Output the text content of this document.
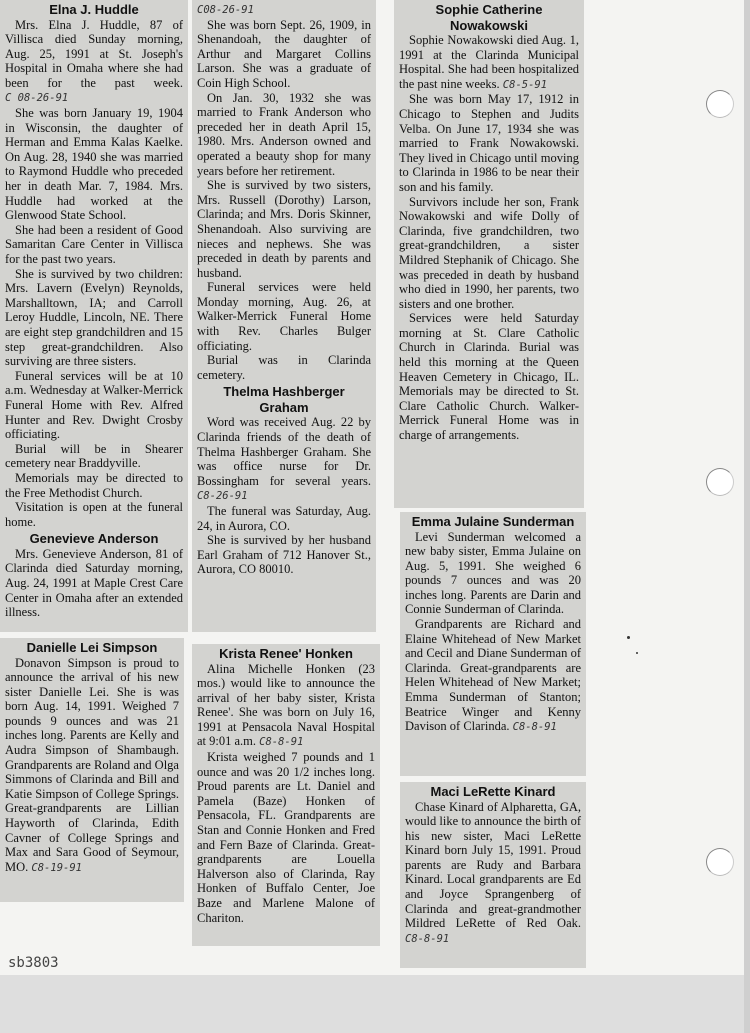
Elna J. Huddle

Mrs. Elna J. Huddle, 87 of Villisca died Sunday morning, Aug. 25, 1991 at St. Joseph's Hospital in Omaha where she had been for the past week. C 08-26-91

She was born January 19, 1904 in Wisconsin, the daughter of Herman and Emma Kalas Kaelke. On Aug. 28, 1940 she was married to Raymond Huddle who preceded her in death Mar. 7, 1984. Mrs. Huddle had worked at the Glenwood State School.

She had been a resident of Good Samaritan Care Center in Villisca for the past two years.

She is survived by two children: Mrs. Lavern (Evelyn) Reynolds, Marshalltown, IA; and Carroll Leroy Huddle, Lincoln, NE. There are eight step grandchildren and 15 step great-grandchildren. Also surviving are three sisters.

Funeral services will be at 10 a.m. Wednesday at Walker-Merrick Funeral Home with Rev. Alfred Hunter and Rev. Dwight Crosby officiating.

Burial will be in Shearer cemetery near Braddyville.

Memorials may be directed to the Free Methodist Church.

Visitation is open at the funeral home.

Genevieve Anderson

Mrs. Genevieve Anderson, 81 of Clarinda died Saturday morning, Aug. 24, 1991 at Maple Crest Care Center in Omaha after an extended illness.

C08-26-91

She was born Sept. 26, 1909, in Shenandoah, the daughter of Arthur and Margaret Collins Larson. She was a graduate of Coin High School.

On Jan. 30, 1932 she was married to Frank Anderson who preceded her in death April 15, 1980. Mrs. Anderson owned and operated a beauty shop for many years before her retirement.

She is survived by two sisters, Mrs. Russell (Dorothy) Larson, Clarinda; and Mrs. Doris Skinner, Shenandoah. Also surviving are nieces and nephews. She was preceded in death by parents and husband.

Funeral services were held Monday morning, Aug. 26, at Walker-Merrick Funeral Home with Rev. Charles Bulger officiating.

Burial was in Clarinda cemetery.

Thelma Hashberger Graham

Word was received Aug. 22 by Clarinda friends of the death of Thelma Hashberger Graham. She was office nurse for Dr. Bossingham for several years. C8-26-91

The funeral was Saturday, Aug. 24, in Aurora, CO.

She is survived by her husband Earl Graham of 712 Hanover St., Aurora, CO 80010.

Sophie Catherine Nowakowski

Sophie Nowakowski died Aug. 1, 1991 at the Clarinda Municipal Hospital. She had been hospitalized the past nine weeks. C8-5-91

She was born May 17, 1912 in Chicago to Stephen and Judits Velba. On June 17, 1934 she was married to Frank Nowakowski. They lived in Chicago until moving to Clarinda in 1986 to be near their son and his family.

Survivors include her son, Frank Nowakowski and wife Dolly of Clarinda, five grandchildren, two great-grandchildren, a sister Mildred Stephanik of Chicago. She was preceded in death by husband who died in 1990, her parents, two sisters and one brother.

Services were held Saturday morning at St. Clare Catholic Church in Clarinda. Burial was held this morning at the Queen Heaven Cemetery in Chicago, IL. Memorials may be directed to St. Clare Catholic Church. Walker-Merrick Funeral Home was in charge of arrangements.

Emma Julaine Sunderman

Levi Sunderman welcomed a new baby sister, Emma Julaine on Aug. 5, 1991. She weighed 6 pounds 7 ounces and was 20 inches long. Parents are Darin and Connie Sunderman of Clarinda.

Grandparents are Richard and Elaine Whitehead of New Market and Cecil and Diane Sunderman of Clarinda. Great-grandparents are Helen Whitehead of New Market; Emma Sunderman of Stanton; Beatrice Winger and Kenny Davison of Clarinda. C8-8-91

Maci LeRette Kinard

Chase Kinard of Alpharetta, GA, would like to announce the birth of his new sister, Maci LeRette Kinard born July 15, 1991. Proud parents are Rudy and Barbara Kinard. Local grandparents are Ed and Joyce Sprangenberg of Clarinda and great-grandmother Mildred LeRette of Red Oak. C8-8-91

Danielle Lei Simpson

Donavon Simpson is proud to announce the arrival of his new sister Danielle Lei. She is was born Aug. 14, 1991. Weighed 7 pounds 9 ounces and was 21 inches long. Parents are Kelly and Audra Simpson of Shambaugh. Grandparents are Roland and Olga Simmons of Clarinda and Bill and Katie Simpson of College Springs. Great-grandparents are Lillian Hayworth of Clarinda, Edith Cavner of College Springs and Max and Sara Good of Seymour, MO. C8-19-91

Krista Renee' Honken

Alina Michelle Honken (23 mos.) would like to announce the arrival of her baby sister, Krista Renee'. She was born on July 16, 1991 at Pensacola Naval Hospital at 9:01 a.m. C8-8-91

Krista weighed 7 pounds and 1 ounce and was 20 1/2 inches long. Proud parents are Lt. Daniel and Pamela (Baze) Honken of Pensacola, FL. Grandparents are Stan and Connie Honken and Fred and Fern Baze of Clarinda. Great-grandparents are Louella Halverson also of Clarinda, Ray Honken of Buffalo Center, Joe Baze and Marlene Malone of Chariton.

sb3803
